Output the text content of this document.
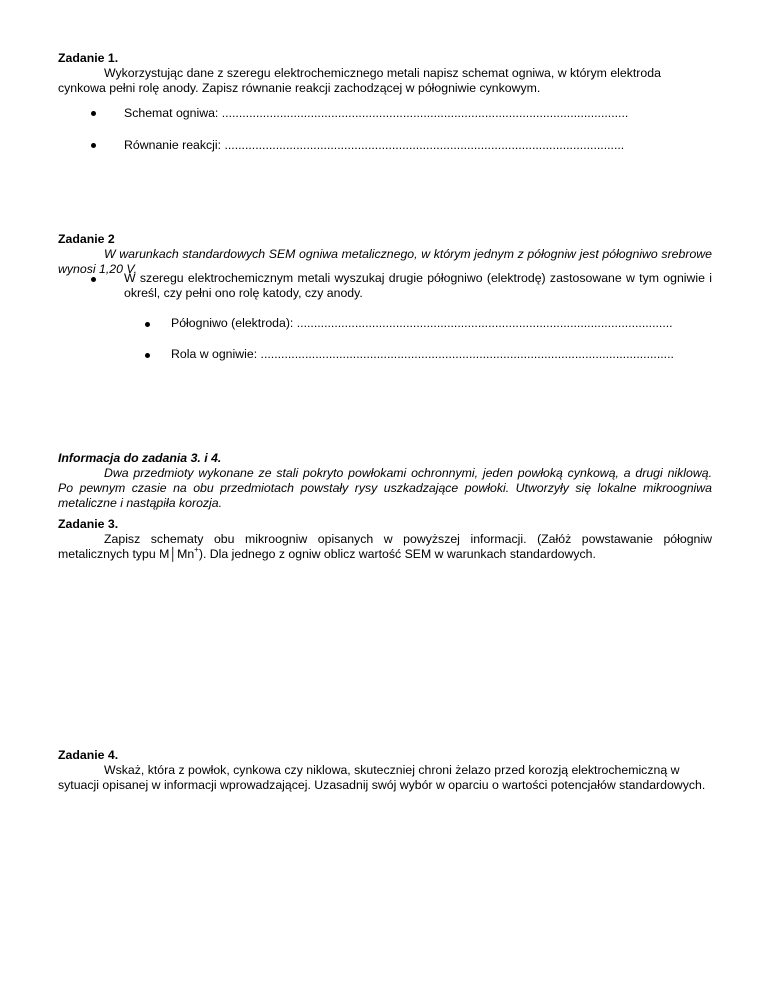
Zadanie 1.
Wykorzystując dane z szeregu elektrochemicznego metali napisz schemat ogniwa, w którym elektroda cynkowa pełni rolę anody. Zapisz równanie reakcji zachodzącej w półogniwie cynkowym.
Schemat ogniwa: .......................................................................................................................
Równanie reakcji: .....................................................................................................................
Zadanie 2
W warunkach standardowych SEM ogniwa metalicznego, w którym jednym z półogniw jest półogniwo srebrowe wynosi 1,20 V.
W szeregu elektrochemicznym metali wyszukaj drugie półogniwo (elektrodę) zastosowane w tym ogniwie i określ, czy pełni ono rolę katody, czy anody.
Półogniwo (elektroda): ..............................................................................................................
Rola w ogniwie: .........................................................................................................................
Informacja do zadania 3. i 4.
Dwa przedmioty wykonane ze stali pokryto powłokami ochronnymi, jeden powłoką cynkową, a drugi niklową. Po pewnym czasie na obu przedmiotach powstały rysy uszkadzające powłoki. Utworzyły się lokalne mikroogniwa metaliczne i nastąpiła korozja.
Zadanie 3.
Zapisz schematy obu mikroogniw opisanych w powyższej informacji. (Załóż powstawanie półogniw metalicznych typu M│Mn+). Dla jednego z ogniw oblicz wartość SEM w warunkach standardowych.
Zadanie 4.
Wskaż, która z powłok, cynkowa czy niklowa, skuteczniej chroni żelazo przed korozją elektrochemiczną w sytuacji opisanej w informacji wprowadzającej. Uzasadnij swój wybór w oparciu o wartości potencjałów standardowych.
